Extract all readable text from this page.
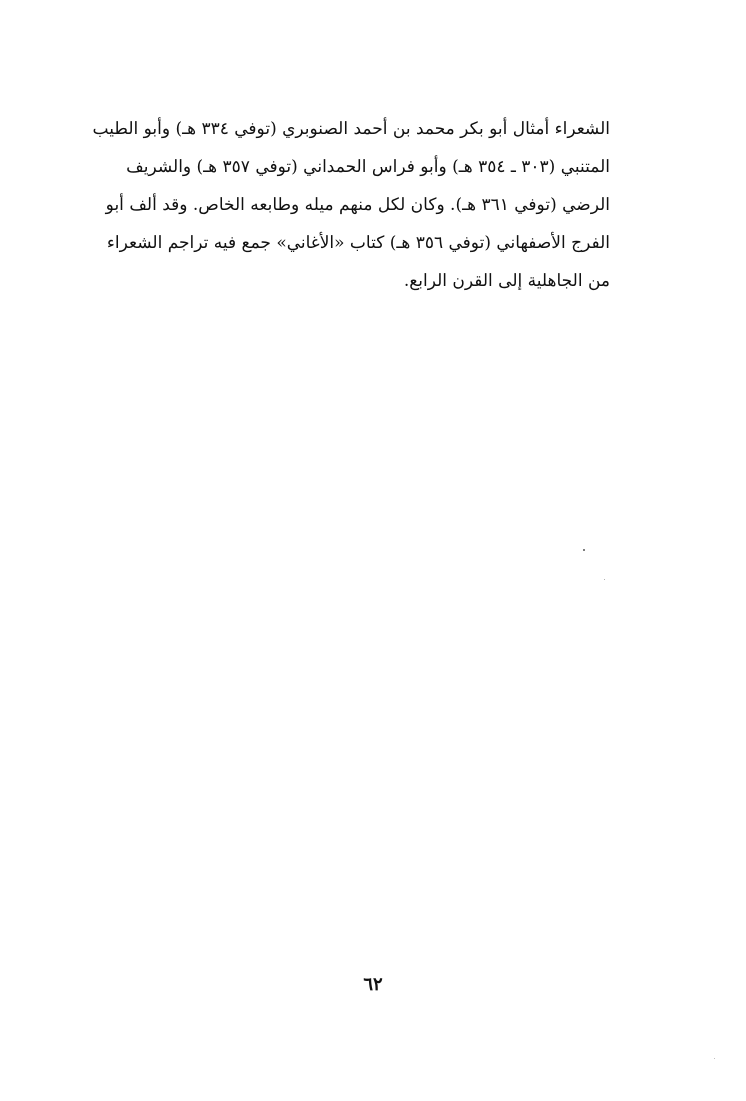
الشعراء أمثال أبو بكر محمد بن أحمد الصنوبري (توفي ٣٣٤ هـ) وأبو الطيب
المتنبي (٣٠٣ ـ ٣٥٤ هـ) وأبو فراس الحمداني (توفي ٣٥٧ هـ) والشريف
الرضي (توفي ٣٦١ هـ). وكان لكل منهم ميله وطابعه الخاص. وقد ألف أبو
الفرج الأصفهاني (توفي ٣٥٦ هـ) كتاب «الأغاني» جمع فيه تراجم الشعراء
من الجاهلية إلى القرن الرابع.
٦٢
